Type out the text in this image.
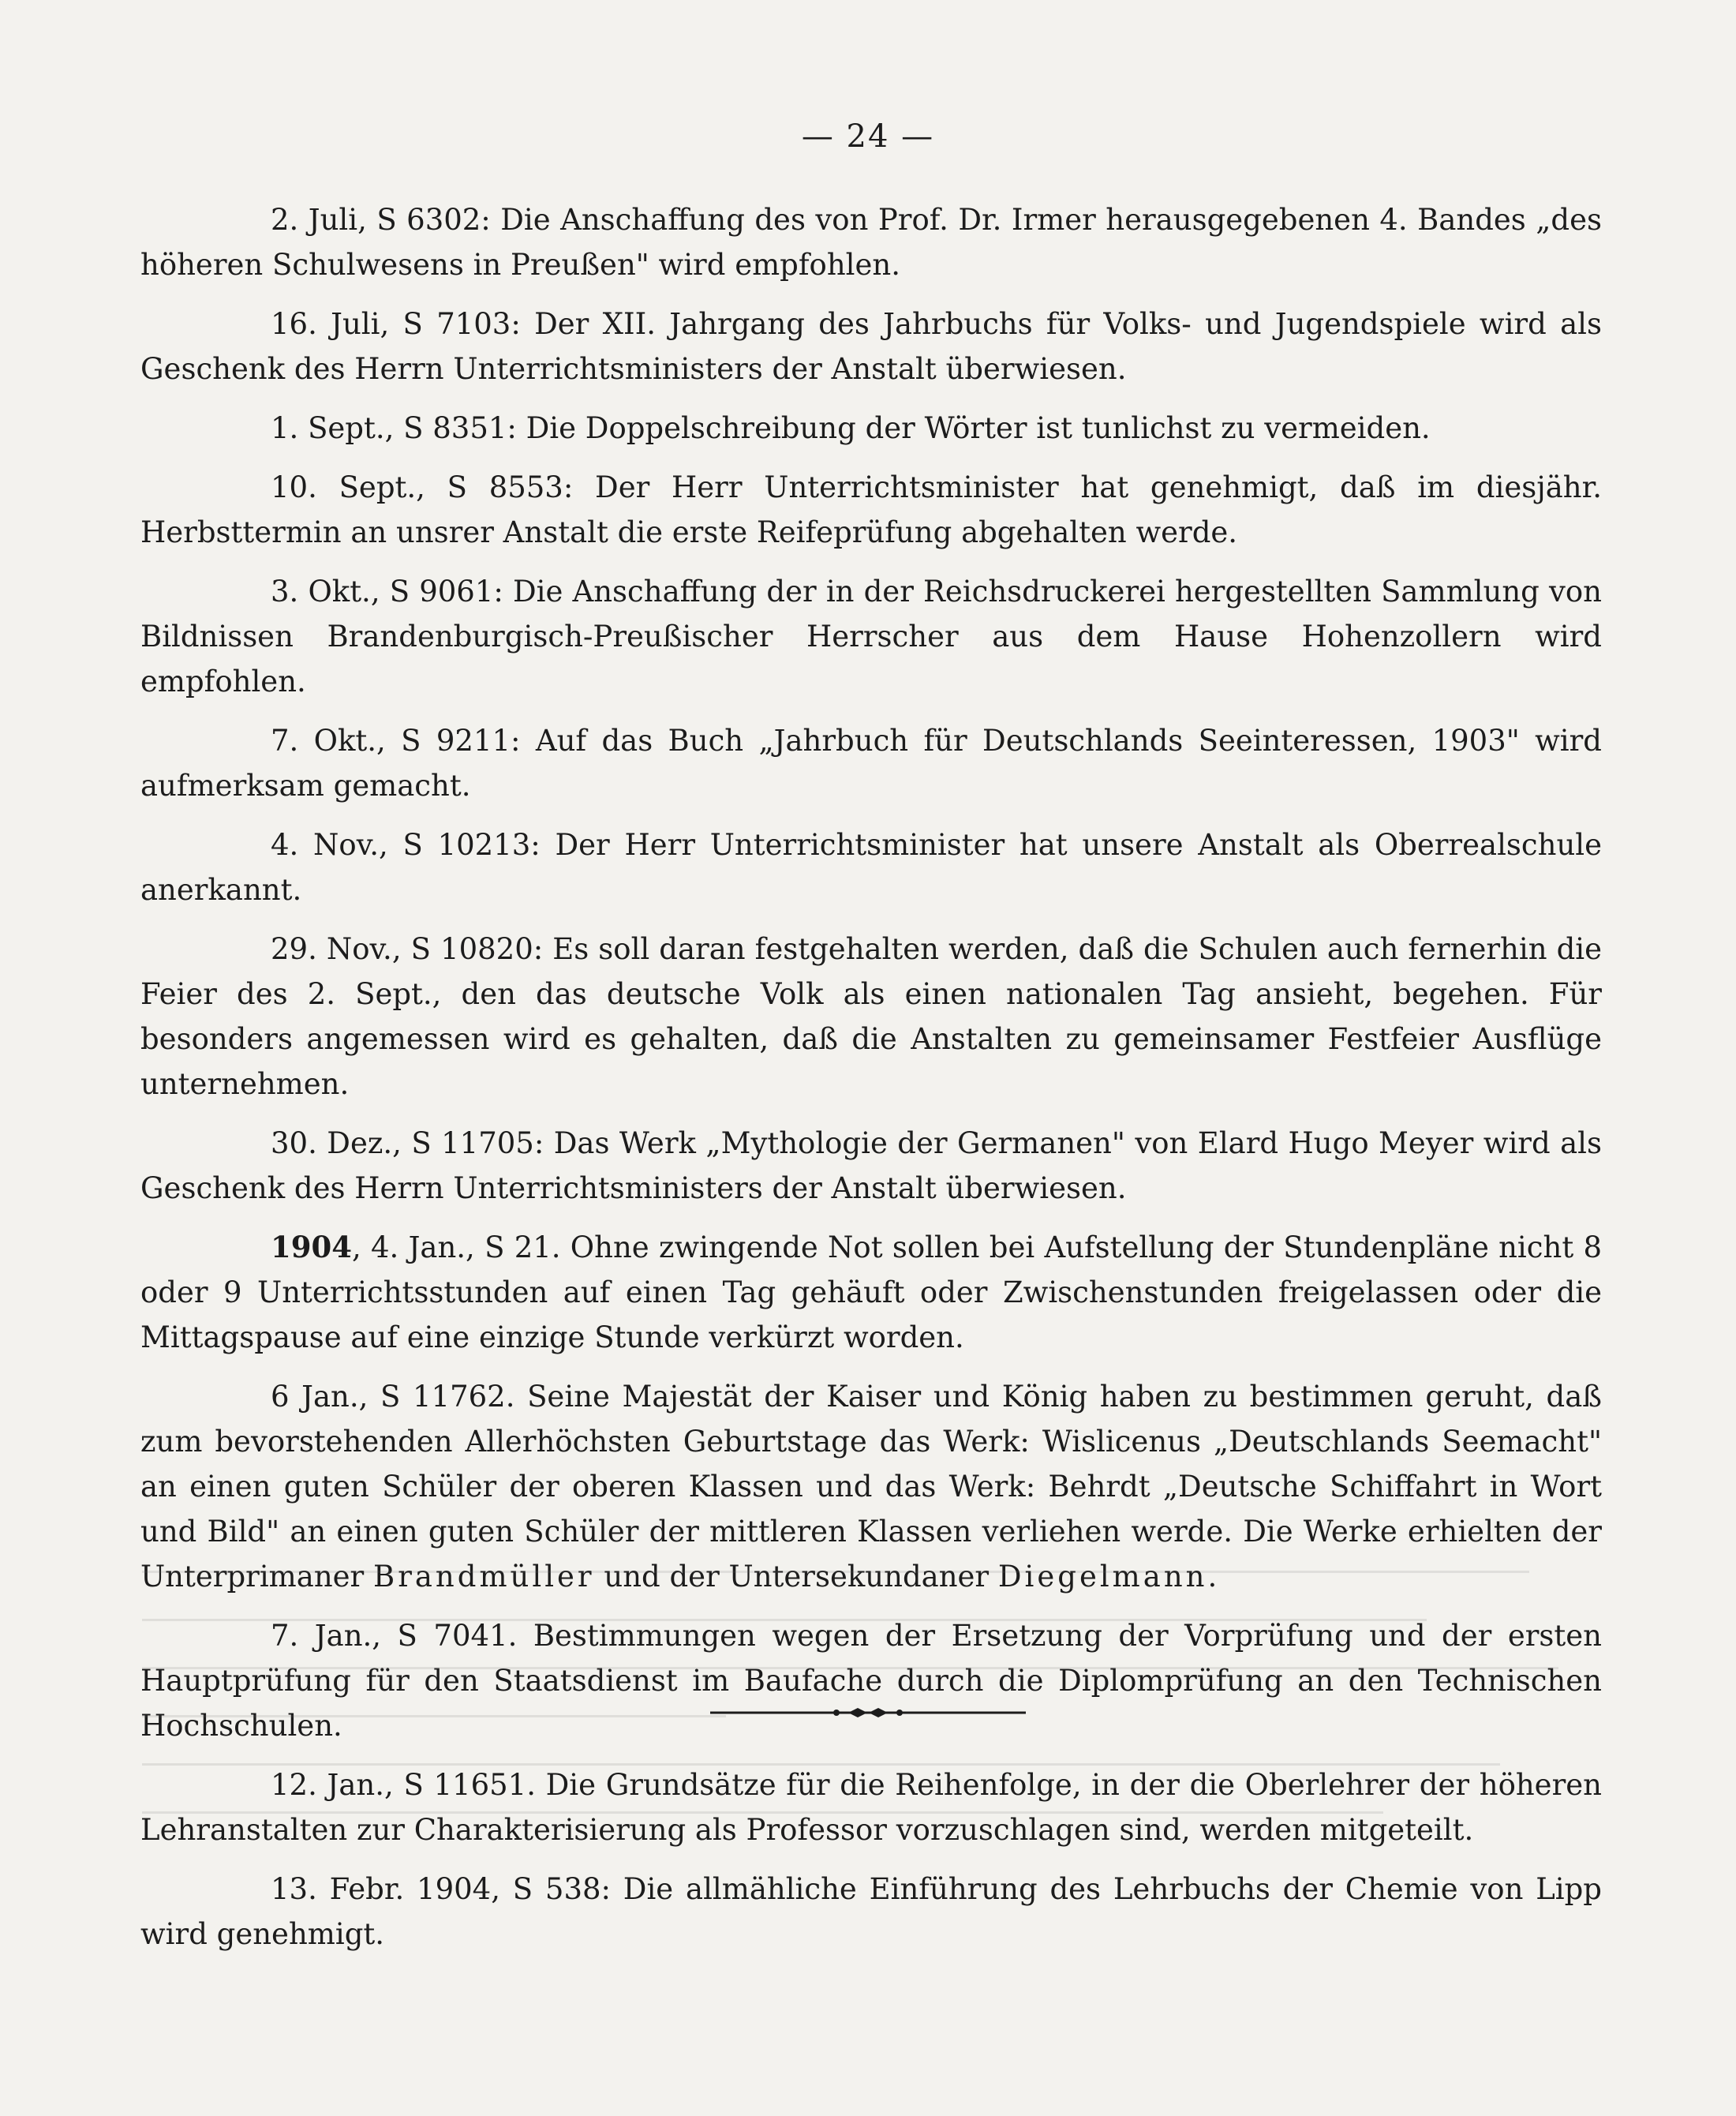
— 24 —

2. Juli, S 6302: Die Anschaffung des von Prof. Dr. Irmer herausgegebenen 4. Bandes „des höheren Schulwesens in Preußen" wird empfohlen.

16. Juli, S 7103: Der XII. Jahrgang des Jahrbuchs für Volks- und Jugendspiele wird als Geschenk des Herrn Unterrichtsministers der Anstalt überwiesen.

1. Sept., S 8351: Die Doppelschreibung der Wörter ist tunlichst zu vermeiden.

10. Sept., S 8553: Der Herr Unterrichtsminister hat genehmigt, daß im diesjähr. Herbsttermin an unsrer Anstalt die erste Reifeprüfung abgehalten werde.

3. Okt., S 9061: Die Anschaffung der in der Reichsdruckerei hergestellten Sammlung von Bildnissen Brandenburgisch-Preußischer Herrscher aus dem Hause Hohenzollern wird empfohlen.

7. Okt., S 9211: Auf das Buch „Jahrbuch für Deutschlands Seeinteressen, 1903" wird aufmerksam gemacht.

4. Nov., S 10213: Der Herr Unterrichtsminister hat unsere Anstalt als Oberrealschule anerkannt.

29. Nov., S 10820: Es soll daran festgehalten werden, daß die Schulen auch fernerhin die Feier des 2. Sept., den das deutsche Volk als einen nationalen Tag ansieht, begehen. Für besonders angemessen wird es gehalten, daß die Anstalten zu gemeinsamer Festfeier Ausflüge unternehmen.

30. Dez., S 11705: Das Werk „Mythologie der Germanen" von Elard Hugo Meyer wird als Geschenk des Herrn Unterrichtsministers der Anstalt überwiesen.

1904, 4. Jan., S 21. Ohne zwingende Not sollen bei Aufstellung der Stundenpläne nicht 8 oder 9 Unterrichtsstunden auf einen Tag gehäuft oder Zwischenstunden freigelassen oder die Mittagspause auf eine einzige Stunde verkürzt worden.

6 Jan., S 11762. Seine Majestät der Kaiser und König haben zu bestimmen geruht, daß zum bevorstehenden Allerhöchsten Geburtstage das Werk: Wislicenus „Deutschlands Seemacht" an einen guten Schüler der oberen Klassen und das Werk: Behrdt „Deutsche Schiffahrt in Wort und Bild" an einen guten Schüler der mittleren Klassen verliehen werde. Die Werke erhielten der Unterprimaner Brandmüller und der Untersekundaner Diegelmann.

7. Jan., S 7041. Bestimmungen wegen der Ersetzung der Vorprüfung und der ersten Hauptprüfung für den Staatsdienst im Baufache durch die Diplomprüfung an den Technischen Hochschulen.

12. Jan., S 11651. Die Grundsätze für die Reihenfolge, in der die Oberlehrer der höheren Lehranstalten zur Charakterisierung als Professor vorzuschlagen sind, werden mitgeteilt.

13. Febr. 1904, S 538: Die allmähliche Einführung des Lehrbuchs der Chemie von Lipp wird genehmigt.
